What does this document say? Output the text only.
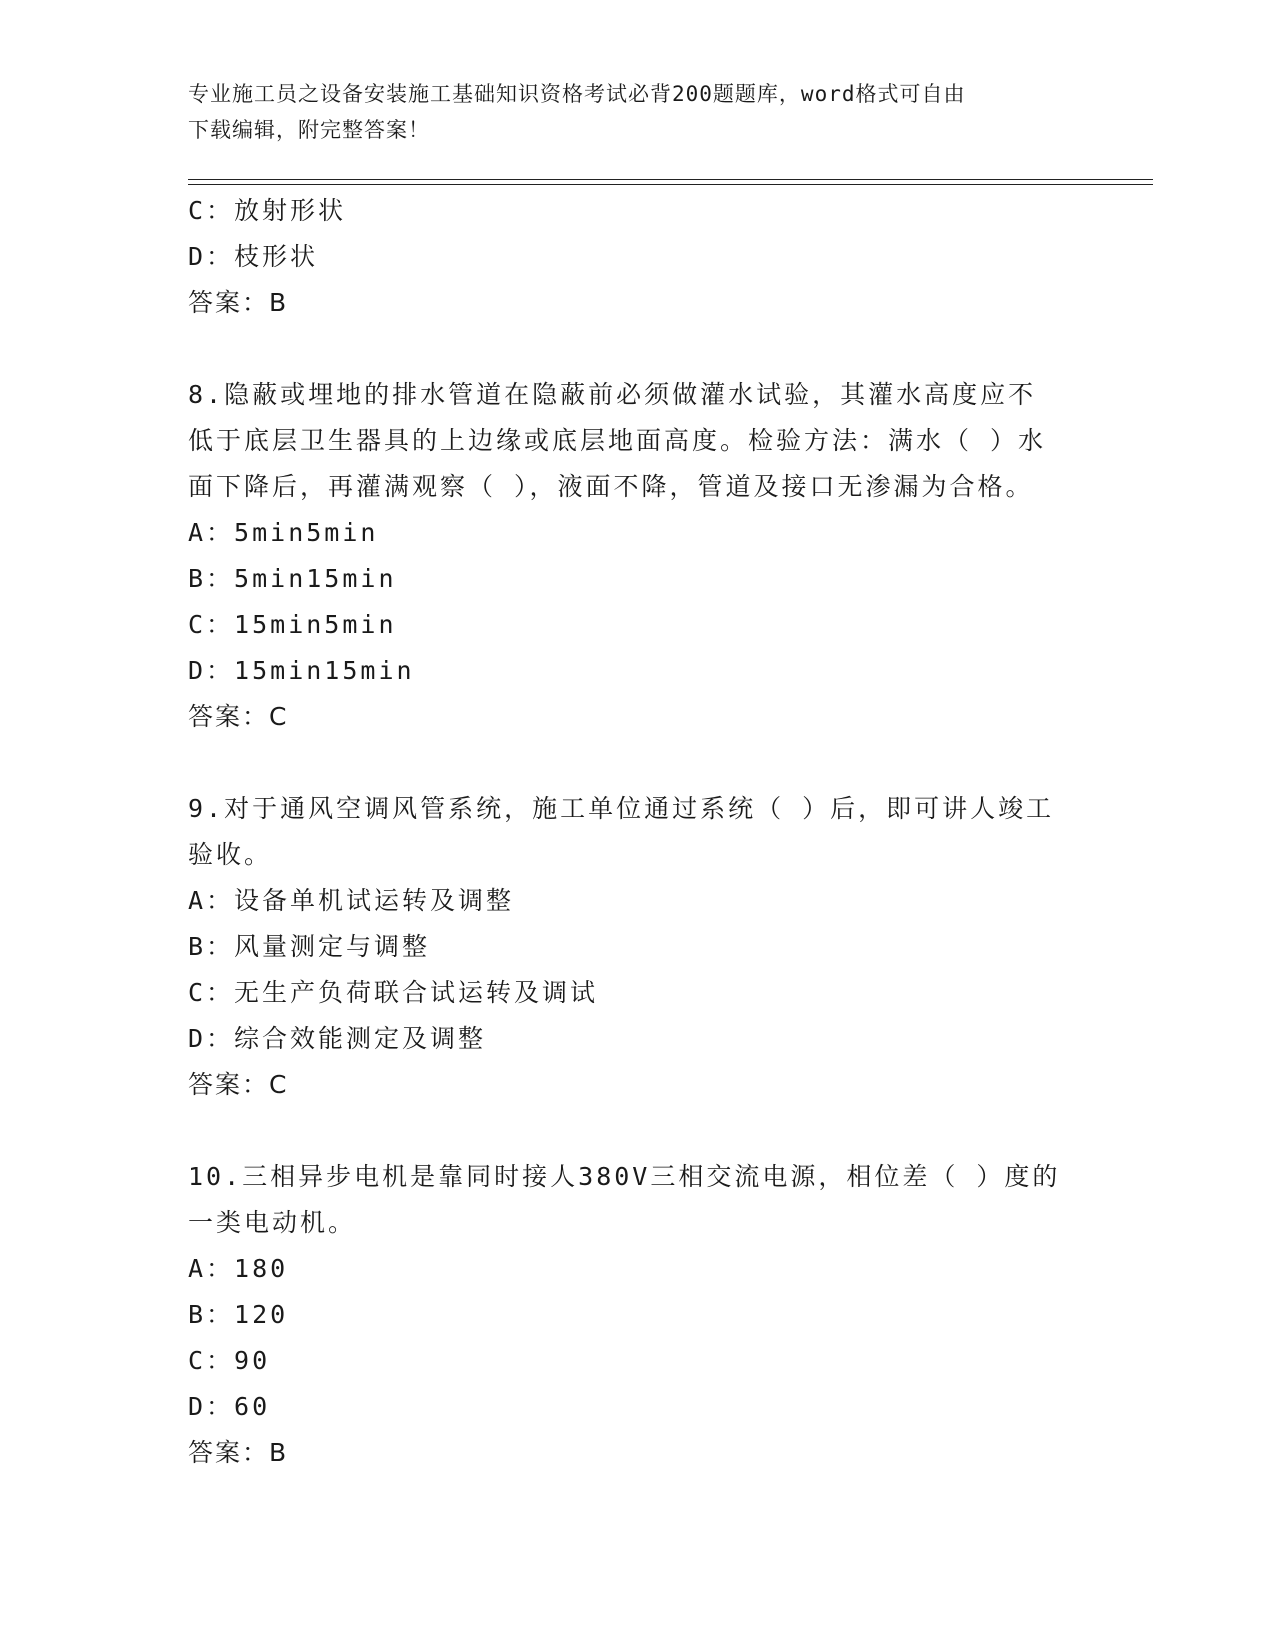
专业施工员之设备安装施工基础知识资格考试必背200题题库，word格式可自由
下载编辑，附完整答案！
C：放射形状
D：枝形状
答案：B
8.隐蔽或埋地的排水管道在隐蔽前必须做灌水试验，其灌水高度应不
低于底层卫生器具的上边缘或底层地面高度。检验方法：满水（ ）水
面下降后，再灌满观察（ ），液面不降，管道及接口无渗漏为合格。
A：5min5min
B：5min15min
C：15min5min
D：15min15min
答案：C
9.对于通风空调风管系统，施工单位通过系统（ ）后，即可讲人竣工
验收。
A：设备单机试运转及调整
B：风量测定与调整
C：无生产负荷联合试运转及调试
D：综合效能测定及调整
答案：C
10.三相异步电机是靠同时接人380V三相交流电源，相位差（ ）度的
一类电动机。
A：180
B：120
C：90
D：60
答案：B
